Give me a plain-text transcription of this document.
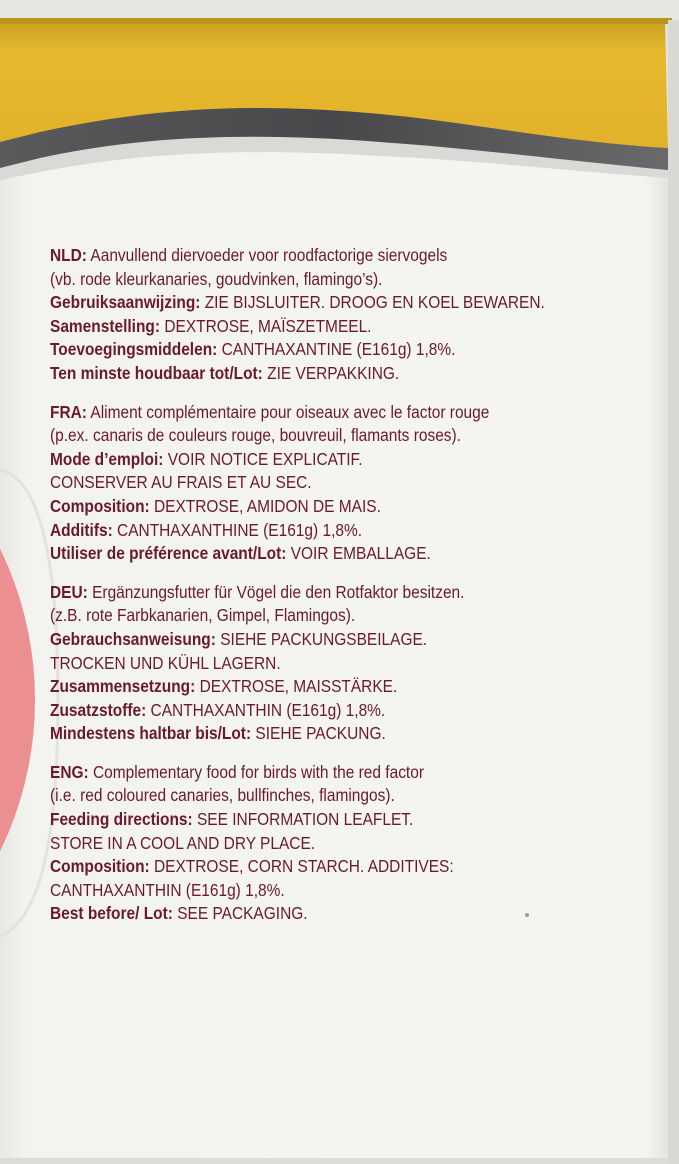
NLD: Aanvullend diervoeder voor roodfactorige siervogels
(vb. rode kleurkanaries, goudvinken, flamingo’s).
Gebruiksaanwijzing: ZIE BIJSLUITER. DROOG EN KOEL BEWAREN.
Samenstelling: DEXTROSE, MAÏSZETMEEL.
Toevoegingsmiddelen: CANTHAXANTINE (E161g) 1,8%.
Ten minste houdbaar tot/Lot: ZIE VERPAKKING.
FRA: Aliment complémentaire pour oiseaux avec le factor rouge
(p.ex. canaris de couleurs rouge, bouvreuil, flamants roses).
Mode d’emploi: VOIR NOTICE EXPLICATIF.
CONSERVER AU FRAIS ET AU SEC.
Composition: DEXTROSE, AMIDON DE MAIS.
Additifs: CANTHAXANTHINE (E161g) 1,8%.
Utiliser de préférence avant/Lot: VOIR EMBALLAGE.
DEU: Ergänzungsfutter für Vögel die den Rotfaktor besitzen.
(z.B. rote Farbkanarien, Gimpel, Flamingos).
Gebrauchsanweisung: SIEHE PACKUNGSBEILAGE.
TROCKEN UND KÜHL LAGERN.
Zusammensetzung: DEXTROSE, MAISSTÄRKE.
Zusatzstoffe: CANTHAXANTHIN (E161g) 1,8%.
Mindestens haltbar bis/Lot: SIEHE PACKUNG.
ENG: Complementary food for birds with the red factor
(i.e. red coloured canaries, bullfinches, flamingos).
Feeding directions: SEE INFORMATION LEAFLET.
STORE IN A COOL AND DRY PLACE.
Composition: DEXTROSE, CORN STARCH. ADDITIVES:
CANTHAXANTHIN (E161g) 1,8%.
Best before/ Lot: SEE PACKAGING.
